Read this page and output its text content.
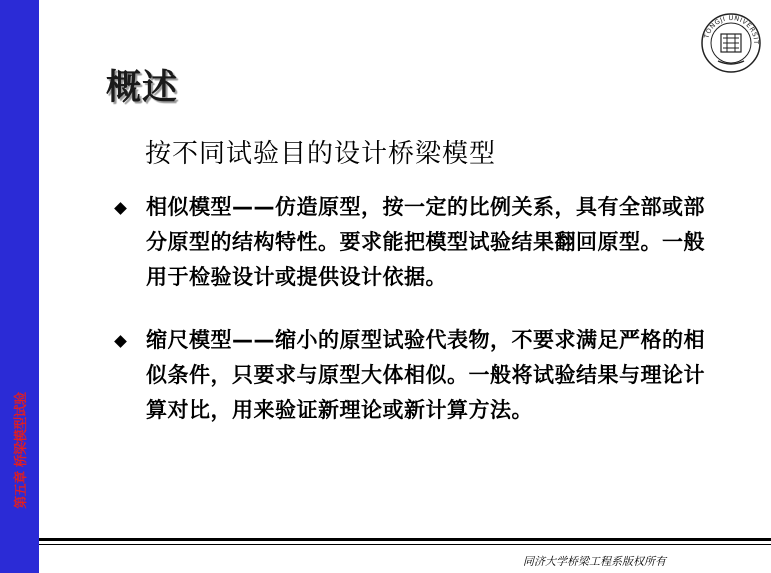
第五章 桥梁模型试验
TONGJI UNIVERSIT
概述
按不同试验目的设计桥梁模型
相似模型——仿造原型，按一定的比例关系，具有全部或部分原型的结构特性。要求能把模型试验结果翻回原型。一般用于检验设计或提供设计依据。
缩尺模型——缩小的原型试验代表物，不要求满足严格的相似条件，只要求与原型大体相似。一般将试验结果与理论计算对比，用来验证新理论或新计算方法。
同济大学桥梁工程系版权所有
